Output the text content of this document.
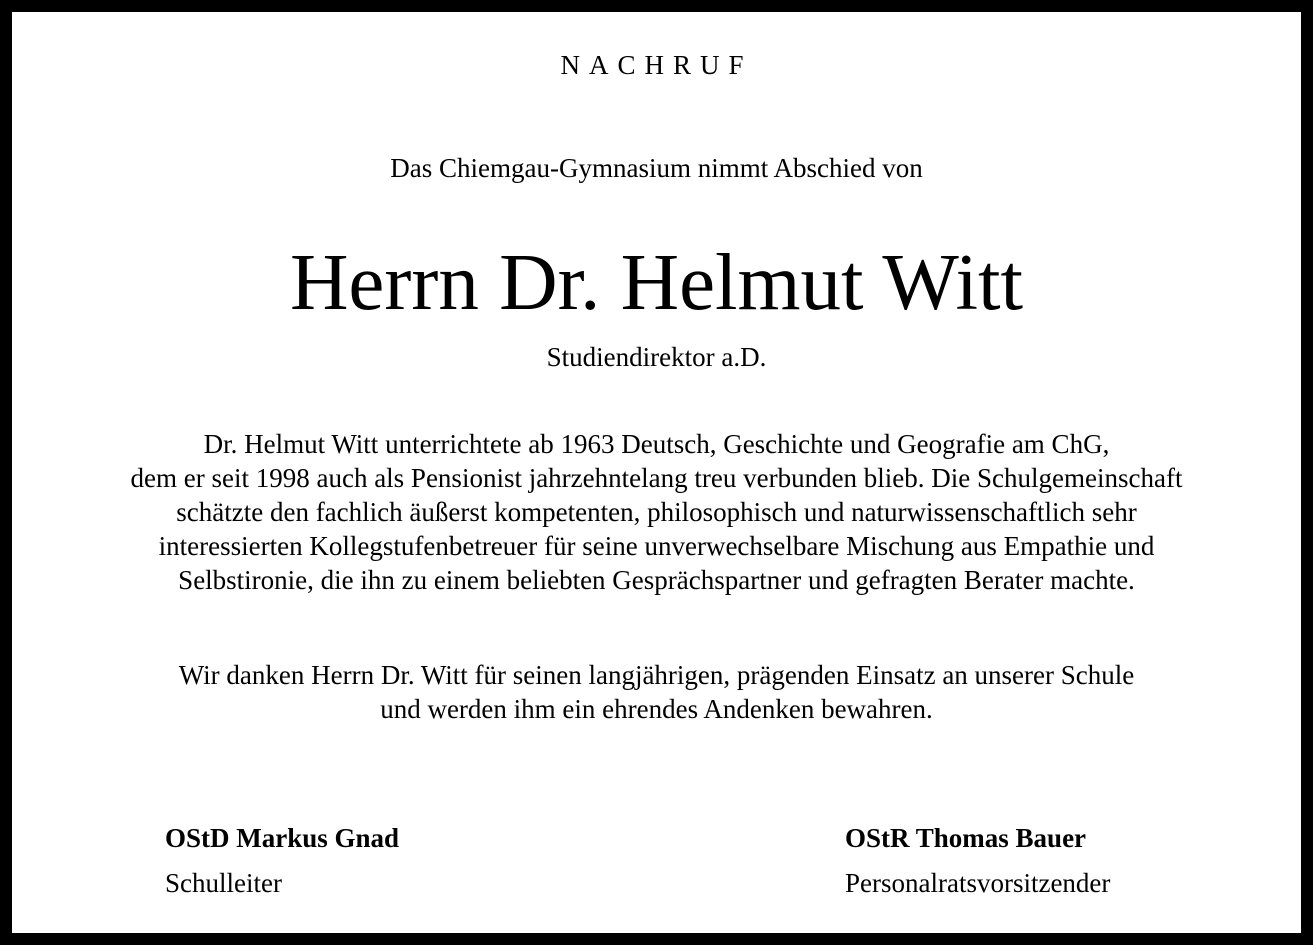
NACHRUF
Das Chiemgau-Gymnasium nimmt Abschied von
Herrn Dr. Helmut Witt
Studiendirektor a.D.
Dr. Helmut Witt unterrichtete ab 1963 Deutsch, Geschichte und Geografie am ChG,
dem er seit 1998 auch als Pensionist jahrzehntelang treu verbunden blieb. Die Schulgemeinschaft
schätzte den fachlich äußerst kompetenten, philosophisch und naturwissenschaftlich sehr
interessierten Kollegstufenbetreuer für seine unverwechselbare Mischung aus Empathie und
Selbstironie, die ihn zu einem beliebten Gesprächspartner und gefragten Berater machte.
Wir danken Herrn Dr. Witt für seinen langjährigen, prägenden Einsatz an unserer Schule
und werden ihm ein ehrendes Andenken bewahren.
OStD Markus Gnad
Schulleiter
OStR Thomas Bauer
Personalratsvorsitzender
